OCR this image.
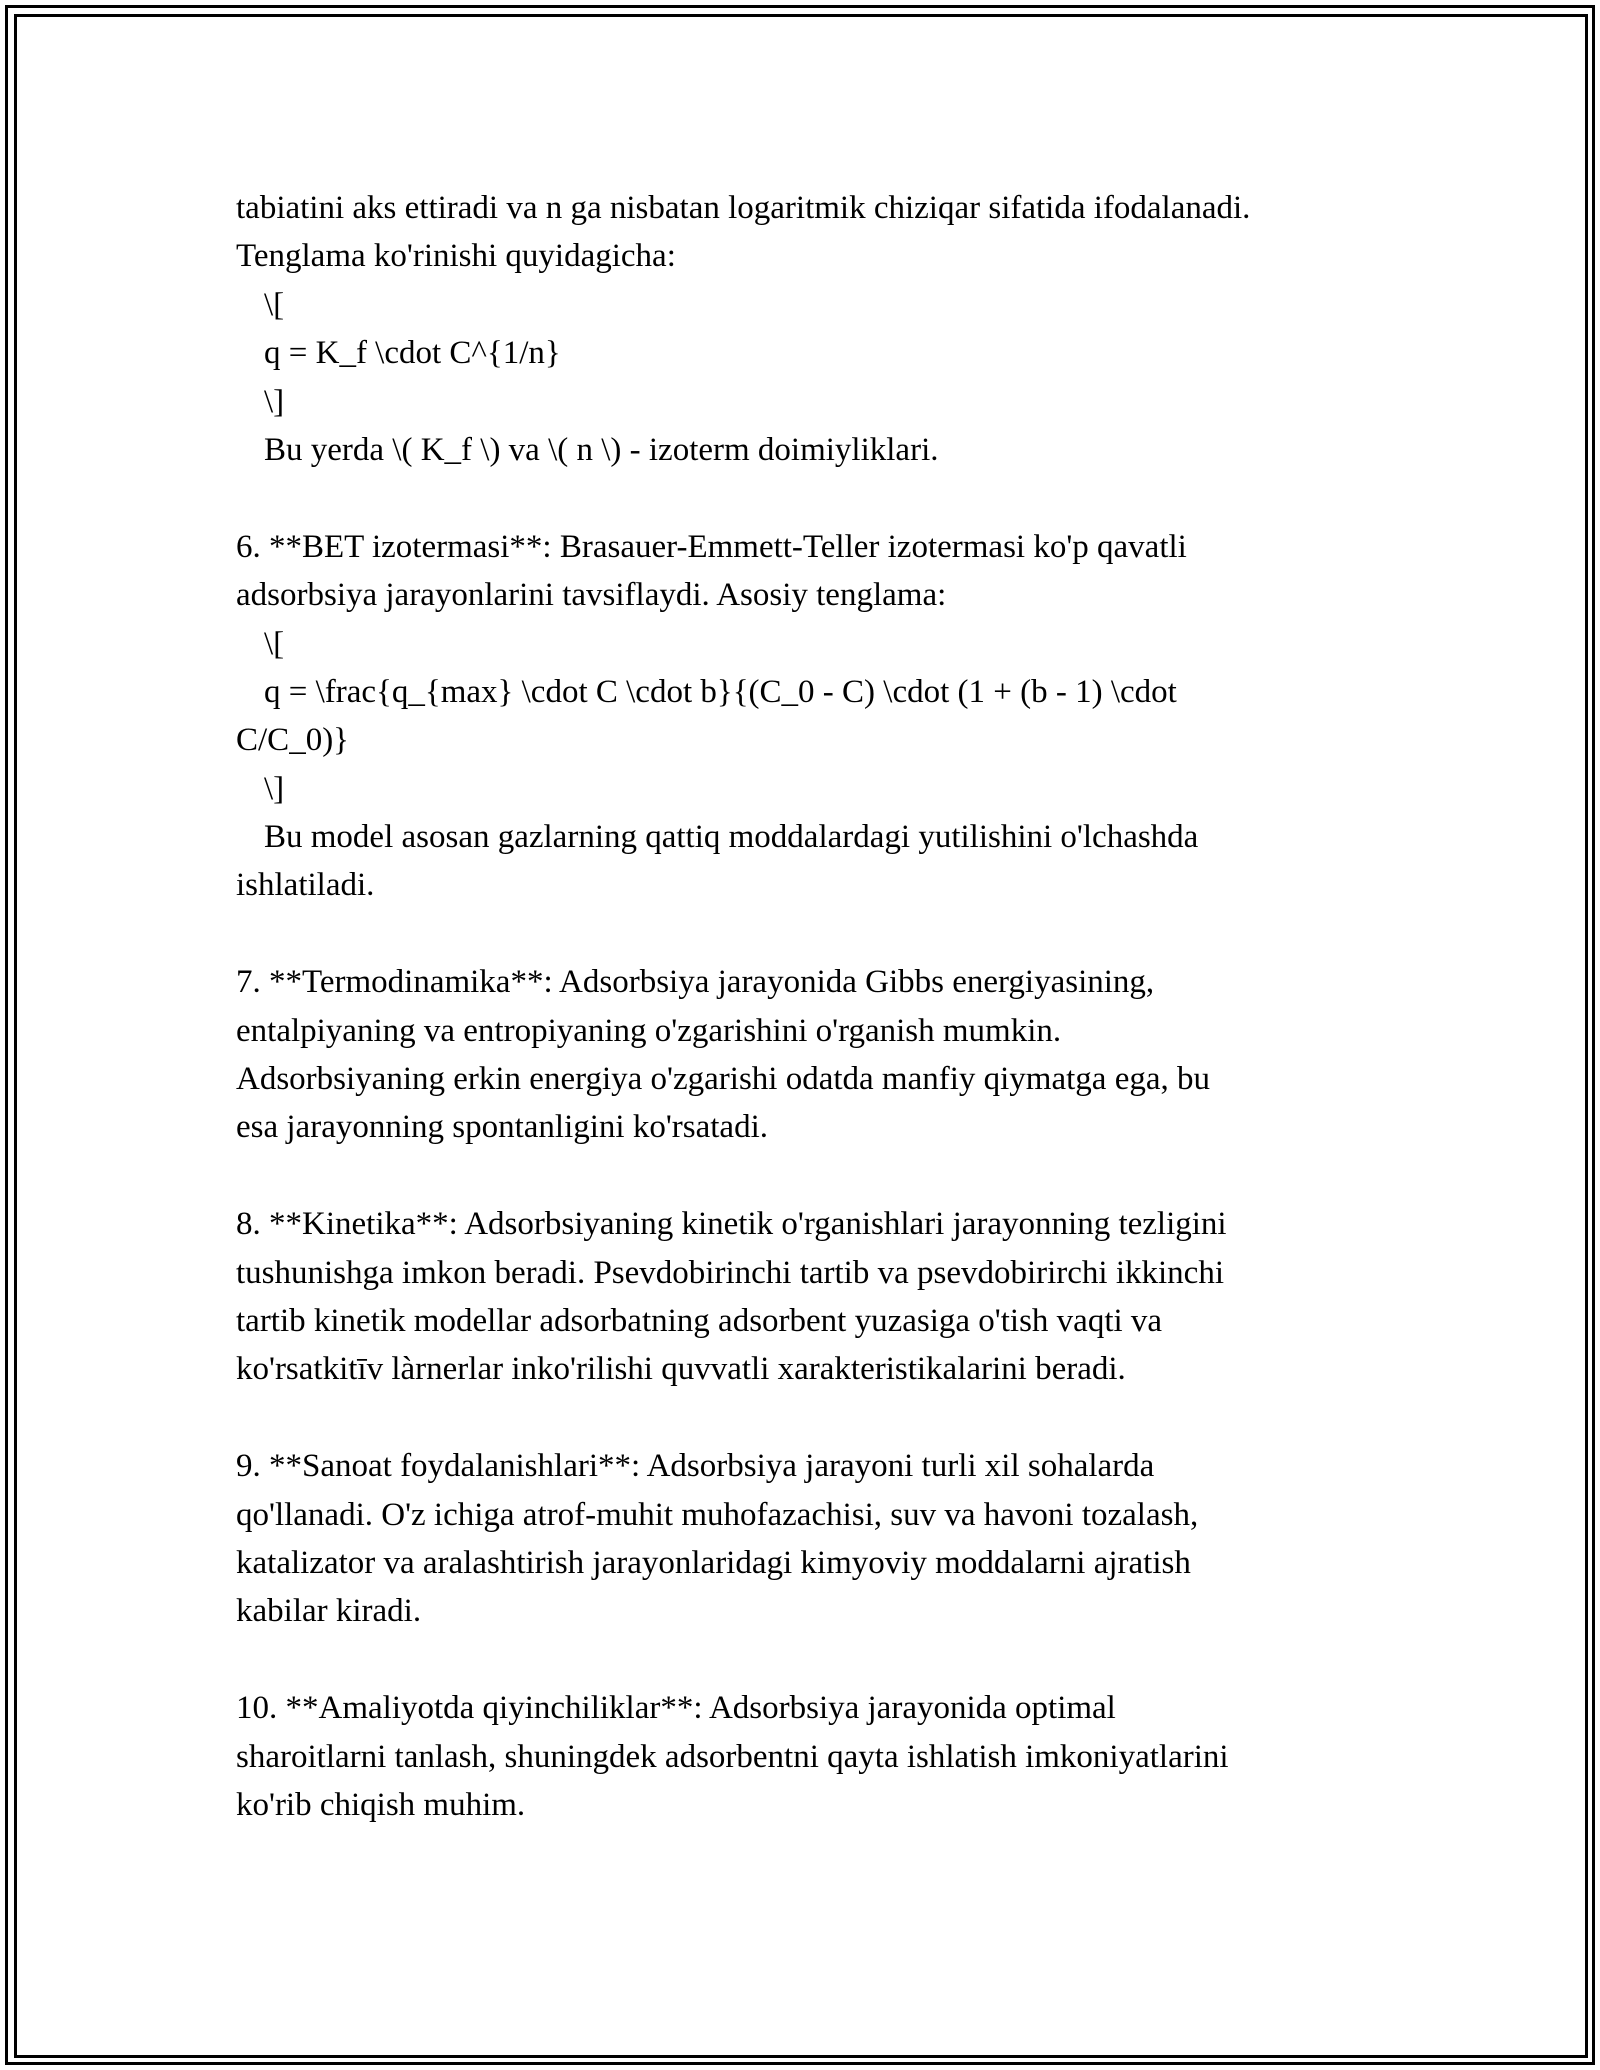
tabiatini aks ettiradi va n ga nisbatan logaritmik chiziqar sifatida ifodalanadi.
Tenglama ko'rinishi quyidagicha:
\[
q = K_f \cdot C^{1/n}
\]
Bu yerda \( K_f \) va \( n \) - izoterm doimiyliklari.
6. **BET izotermasi**: Brasauer-Emmett-Teller izotermasi ko'p qavatli
adsorbsiya jarayonlarini tavsiflaydi. Asosiy tenglama:
\[
q = \frac{q_{max} \cdot C \cdot b}{(C_0 - C) \cdot (1 + (b - 1) \cdot
C/C_0)}
\]
Bu model asosan gazlarning qattiq moddalardagi yutilishini o'lchashda
ishlatiladi.
7. **Termodinamika**: Adsorbsiya jarayonida Gibbs energiyasining,
entalpiyaning va entropiyaning o'zgarishini o'rganish mumkin.
Adsorbsiyaning erkin energiya o'zgarishi odatda manfiy qiymatga ega, bu
esa jarayonning spontanligini ko'rsatadi.
8. **Kinetika**: Adsorbsiyaning kinetik o'rganishlari jarayonning tezligini
tushunishga imkon beradi. Psevdobirinchi tartib va psevdobirirchi ikkinchi
tartib kinetik modellar adsorbatning adsorbent yuzasiga o'tish vaqti va
ko'rsatkitīv làrnerlar inko'rilishi quvvatli xarakteristikalarini beradi.
9. **Sanoat foydalanishlari**: Adsorbsiya jarayoni turli xil sohalarda
qo'llanadi. O'z ichiga atrof-muhit muhofazachisi, suv va havoni tozalash,
katalizator va aralashtirish jarayonlaridagi kimyoviy moddalarni ajratish
kabilar kiradi.
10. **Amaliyotda qiyinchiliklar**: Adsorbsiya jarayonida optimal
sharoitlarni tanlash, shuningdek adsorbentni qayta ishlatish imkoniyatlarini
ko'rib chiqish muhim.
